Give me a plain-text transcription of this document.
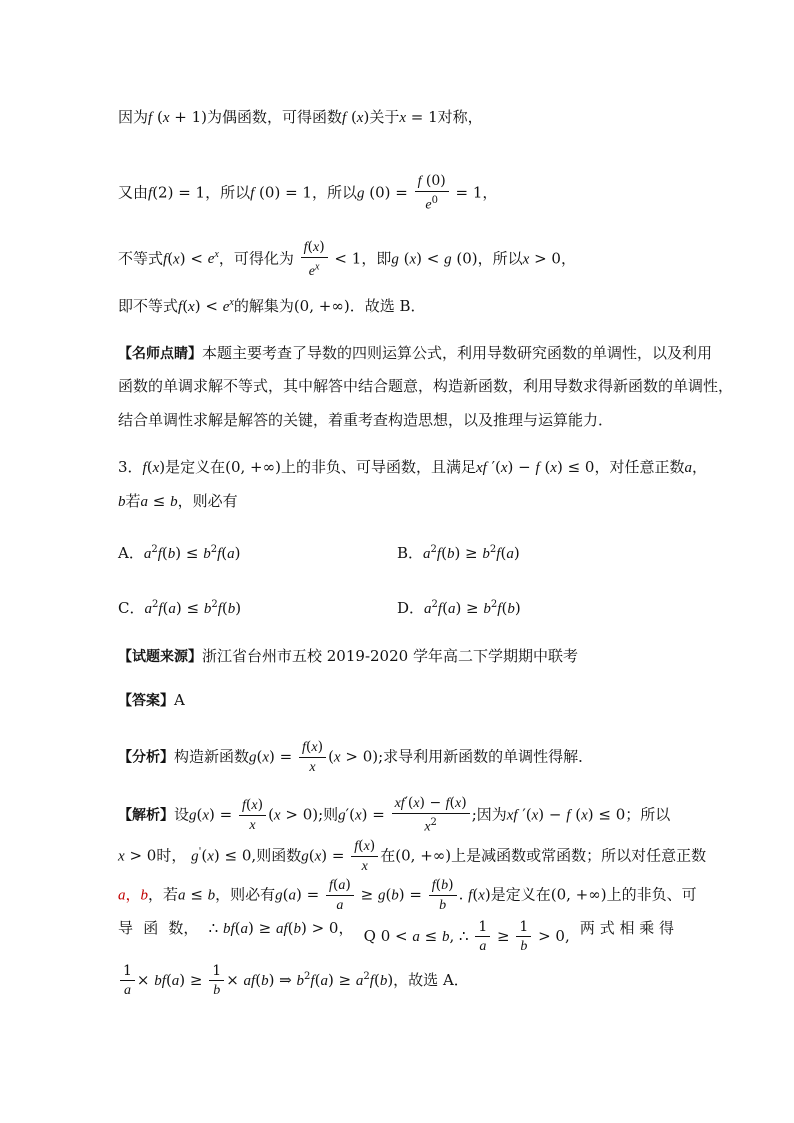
因为f (x + 1)为偶函数，可得函数f (x)关于x = 1对称，
又由f(2) = 1，所以f (0) = 1，所以g $(0) = \frac{f (0)}{e^0} = 1$，
不等式$f(x) < e^x$，可得化为 $\frac{f(x)}{e^x} < 1$，即g (x) < g (0)，所以x > 0，
即不等式$f(x) < e^x$的解集为(0, +∞)．故选 B．
【名师点睛】本题主要考查了导数的四则运算公式，利用导数研究函数的单调性，以及利用
函数的单调求解不等式，其中解答中结合题意，构造新函数，利用导数求得新函数的单调性，
结合单调性求解是解答的关键，着重考查构造思想，以及推理与运算能力．
3．f(x)是定义在(0, +∞)上的非负、可导函数，且满足xf ′(x) − f (x) ≤ 0，对任意正数a，
b若a ≤ b，则必有
A．$a^2f(b) \le b^2f(a)$	B．$a^2f(b) \ge b^2f(a)$
C．$a^2f(a) \le b^2f(b)$	D．$a^2f(a) \ge b^2f(b)$
【试题来源】浙江省台州市五校 2019-2020 学年高二下学期期中联考
【答案】A
【分析】构造新函数$g(x) = \frac{f(x)}{x} (x > 0)$;求导利用新函数的单调性得解．
【解析】设$g(x) = \frac{f(x)}{x} (x > 0)$;则$g'(x) = \frac{xf'(x) - f(x)}{x^2}$ ;因为xf ′(x) − f (x) ≤ 0；所以
x > 0时， g'(x) ≤ 0,则函数$g(x) = \frac{f(x)}{x}$ 在(0, +∞)上是减函数或常函数；所以对任意正数
a，b，若a ≤ b，则必有$g(a) = \frac{f(a)}{a} \ge g(b) = \frac{f(b)}{b}$ . f(x)是定义在(0, +∞)上的非负、可
导 函 数， ∴ bf(a) ≥ af(b) > 0， Q 0 < a ≤ b, ∴ $\frac{1}{a} \ge \frac{1}{b} > 0$, 两 式 相 乘 得
$\frac{1}{a} \times bf(a) \ge \frac{1}{b} \times af(b)$ ⇒ $b^2f(a) \ge a^2f(b)$，故选 A．
